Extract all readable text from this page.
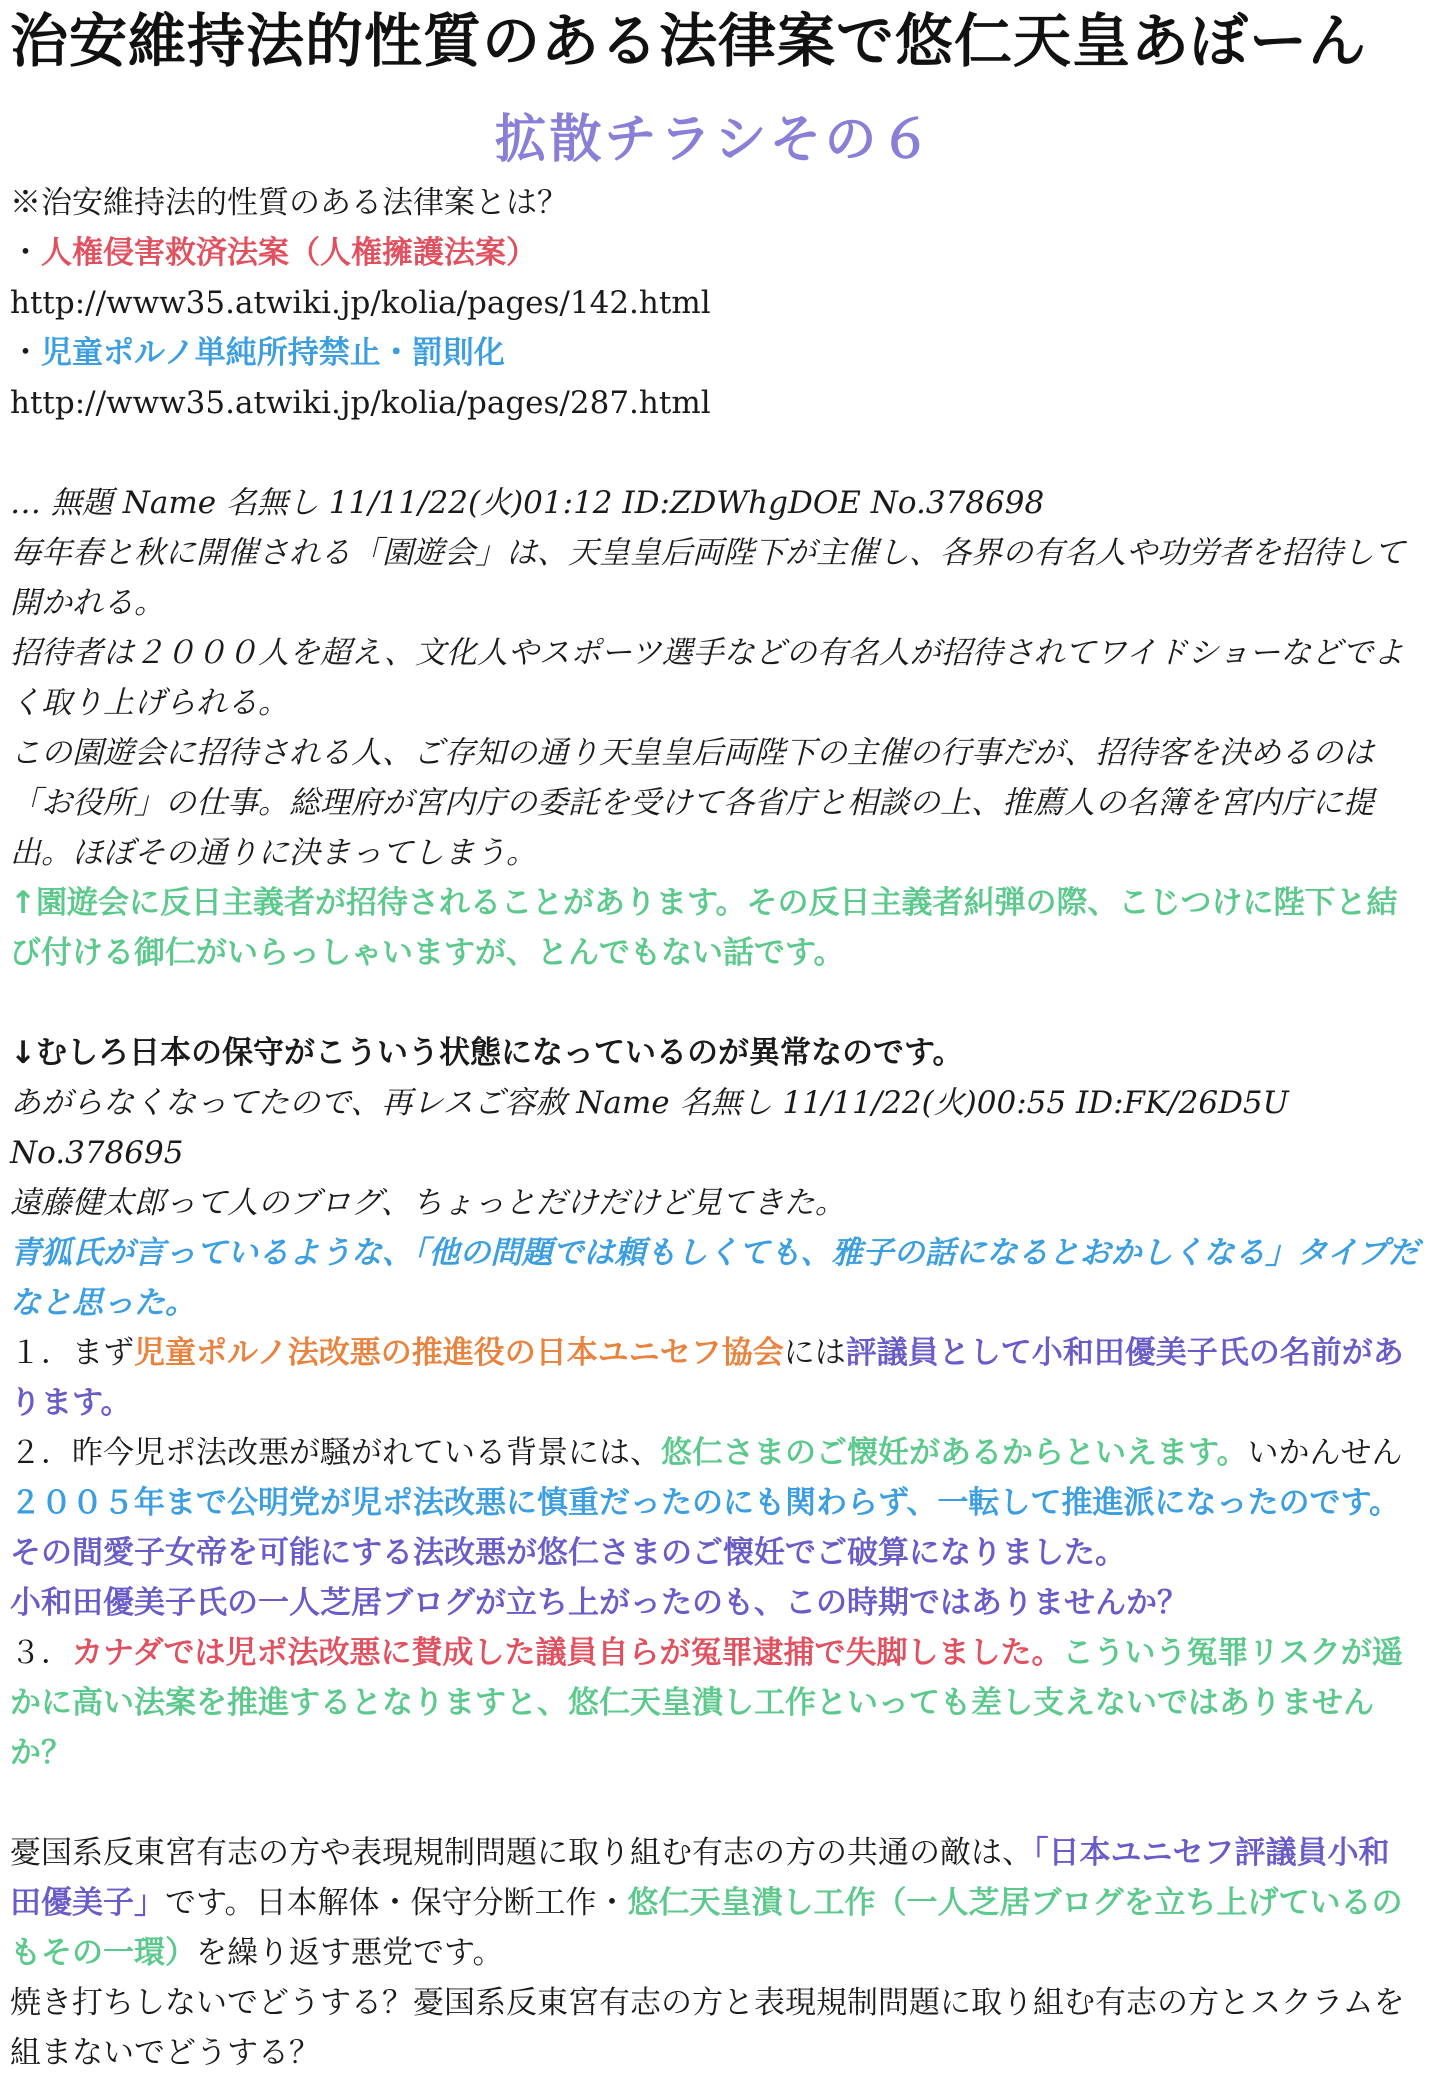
治安維持法的性質のある法律案で悠仁天皇あぼーん
拡散チラシその６
※治安維持法的性質のある法律案とは？
・人権侵害救済法案（人権擁護法案）
http://www35.atwiki.jp/kolia/pages/142.html
・児童ポルノ単純所持禁止・罰則化
http://www35.atwiki.jp/kolia/pages/287.html
… 無題 Name 名無し 11/11/22(火)01:12 ID:ZDWhgDOE No.378698
毎年春と秋に開催される「園遊会」は、天皇皇后両陛下が主催し、各界の有名人や功労者を招待して開かれる。
招待者は２０００人を超え、文化人やスポーツ選手などの有名人が招待されてワイドショーなどでよく取り上げられる。
この園遊会に招待される人、ご存知の通り天皇皇后両陛下の主催の行事だが、招待客を決めるのは「お役所」の仕事。総理府が宮内庁の委託を受けて各省庁と相談の上、推薦人の名簿を宮内庁に提出。ほぼその通りに決まってしまう。
↑園遊会に反日主義者が招待されることがあります。その反日主義者糾弾の際、こじつけに陛下と結び付ける御仁がいらっしゃいますが、とんでもない話です。
↓むしろ日本の保守がこういう状態になっているのが異常なのです。
あがらなくなってたので、再レスご容赦 Name 名無し 11/11/22(火)00:55 ID:FK/26D5U No.378695
遠藤健太郎って人のブログ、ちょっとだけだけど見てきた。
青狐氏が言っているような、「他の問題では頼もしくても、雅子の話になるとおかしくなる」タイプだなと思った。
１．まず児童ポルノ法改悪の推進役の日本ユニセフ協会には評議員として小和田優美子氏の名前があります。
２．昨今児ポ法改悪が騒がれている背景には、悠仁さまのご懐妊があるからといえます。いかんせん２００５年まで公明党が児ポ法改悪に慎重だったのにも関わらず、一転して推進派になったのです。その間愛子女帝を可能にする法改悪が悠仁さまのご懐妊でご破算になりました。
小和田優美子氏の一人芝居ブログが立ち上がったのも、この時期ではありませんか？
３．カナダでは児ポ法改悪に賛成した議員自らが冤罪逮捕で失脚しました。こういう冤罪リスクが遥かに高い法案を推進するとなりますと、悠仁天皇潰し工作といっても差し支えないではありませんか？
憂国系反東宮有志の方や表現規制問題に取り組む有志の方の共通の敵は、「日本ユニセフ評議員小和田優美子」です。日本解体・保守分断工作・悠仁天皇潰し工作（一人芝居ブログを立ち上げているのもその一環）を繰り返す悪党です。
焼き打ちしないでどうする？憂国系反東宮有志の方と表現規制問題に取り組む有志の方とスクラムを組まないでどうする？
